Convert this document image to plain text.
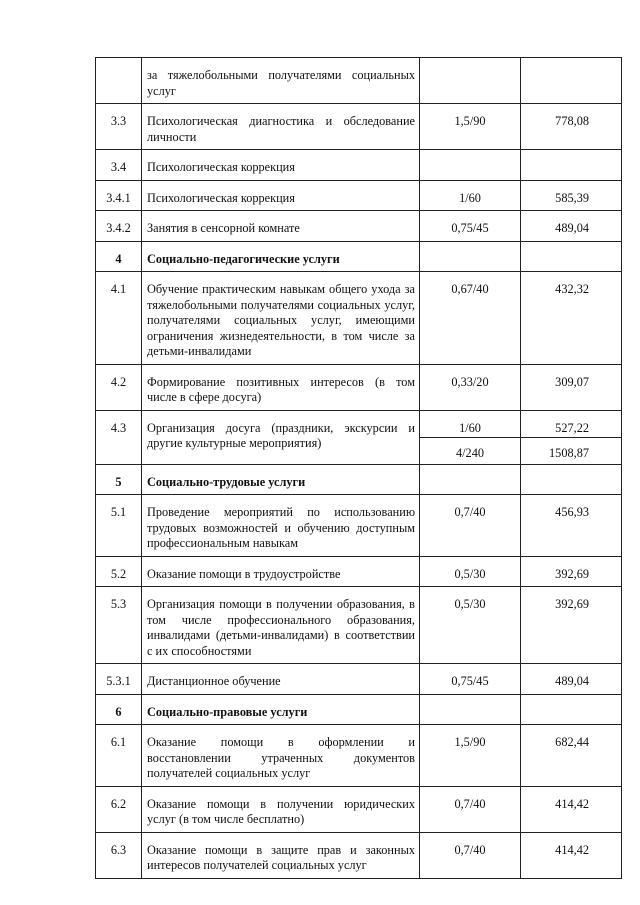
	за тяжелобольными получателями социальных услуг		
3.3	Психологическая диагностика и обследование личности	1,5/90	778,08
3.4	Психологическая коррекция		
3.4.1	Психологическая коррекция	1/60	585,39
3.4.2	Занятия в сенсорной комнате	0,75/45	489,04
4	Социально-педагогические услуги		
4.1	Обучение практическим навыкам общего ухода за тяжелобольными получателями социальных услуг, получателями социальных услуг, имеющими ограничения жизнедеятельности, в том числе за детьми-инвалидами	0,67/40	432,32
4.2	Формирование позитивных интересов (в том числе в сфере досуга)	0,33/20	309,07
4.3	Организация досуга (праздники, экскурсии и другие культурные мероприятия)	1/60	527,22
		4/240	1508,87
5	Социально-трудовые услуги		
5.1	Проведение мероприятий по использованию трудовых возможностей и обучению доступным профессиональным навыкам	0,7/40	456,93
5.2	Оказание помощи в трудоустройстве	0,5/30	392,69
5.3	Организация помощи в получении образования, в том числе профессионального образования, инвалидами (детьми-инвалидами) в соответствии с их способностями	0,5/30	392,69
5.3.1	Дистанционное обучение	0,75/45	489,04
6	Социально-правовые услуги		
6.1	Оказание помощи в оформлении и восстановлении утраченных документов получателей социальных услуг	1,5/90	682,44
6.2	Оказание помощи в получении юридических услуг (в том числе бесплатно)	0,7/40	414,42
6.3	Оказание помощи в защите прав и законных интересов получателей социальных услуг	0,7/40	414,42
